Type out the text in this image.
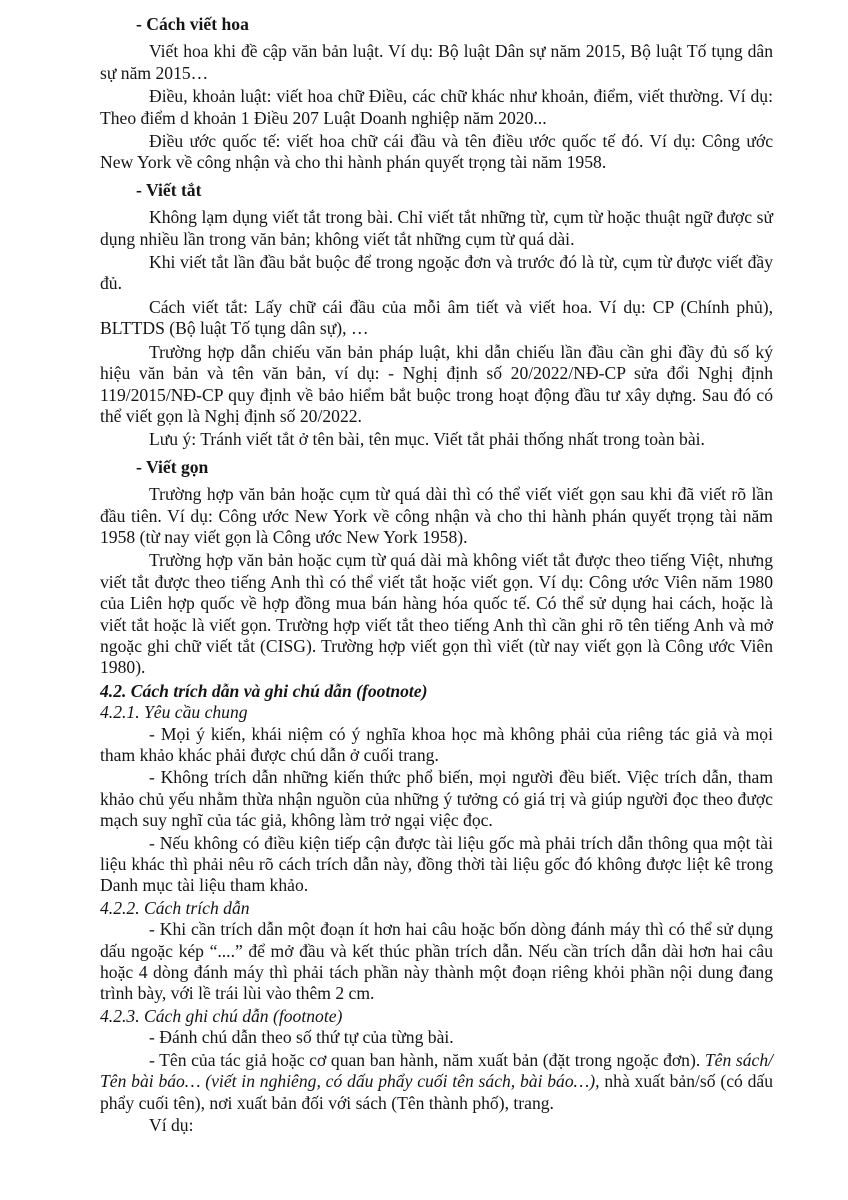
- Cách viết hoa

Viết hoa khi đề cập văn bản luật. Ví dụ: Bộ luật Dân sự năm 2015, Bộ luật Tố tụng dân sự năm 2015…

Điều, khoản luật: viết hoa chữ Điều, các chữ khác như khoản, điểm, viết thường. Ví dụ: Theo điểm d khoản 1 Điều 207 Luật Doanh nghiệp năm 2020...

Điều ước quốc tế: viết hoa chữ cái đầu và tên điều ước quốc tế đó. Ví dụ: Công ước New York về công nhận và cho thi hành phán quyết trọng tài năm 1958.

- Viết tắt

Không lạm dụng viết tắt trong bài. Chỉ viết tắt những từ, cụm từ hoặc thuật ngữ được sử dụng nhiều lần trong văn bản; không viết tắt những cụm từ quá dài.

Khi viết tắt lần đầu bắt buộc để trong ngoặc đơn và trước đó là từ, cụm từ được viết đầy đủ.

Cách viết tắt: Lấy chữ cái đầu của mỗi âm tiết và viết hoa. Ví dụ: CP (Chính phủ), BLTTDS (Bộ luật Tố tụng dân sự), …

Trường hợp dẫn chiếu văn bản pháp luật, khi dẫn chiếu lần đầu cần ghi đầy đủ số ký hiệu văn bản và tên văn bản, ví dụ: - Nghị định số 20/2022/NĐ-CP sửa đổi Nghị định 119/2015/NĐ-CP quy định về bảo hiểm bắt buộc trong hoạt động đầu tư xây dựng. Sau đó có thể viết gọn là Nghị định số 20/2022.

Lưu ý: Tránh viết tắt ở tên bài, tên mục. Viết tắt phải thống nhất trong toàn bài.

- Viết gọn

Trường hợp văn bản hoặc cụm từ quá dài thì có thể viết viết gọn sau khi đã viết rõ lần đầu tiên. Ví dụ: Công ước New York về công nhận và cho thi hành phán quyết trọng tài năm 1958 (từ nay viết gọn là Công ước New York 1958).

Trường hợp văn bản hoặc cụm từ quá dài mà không viết tắt được theo tiếng Việt, nhưng viết tắt được theo tiếng Anh thì có thể viết tắt hoặc viết gọn. Ví dụ: Công ước Viên năm 1980 của Liên hợp quốc về hợp đồng mua bán hàng hóa quốc tế. Có thể sử dụng hai cách, hoặc là viết tắt hoặc là viết gọn. Trường hợp viết tắt theo tiếng Anh thì cần ghi rõ tên tiếng Anh và mở ngoặc ghi chữ viết tắt (CISG). Trường hợp viết gọn thì viết (từ nay viết gọn là Công ước Viên 1980).

4.2. Cách trích dẫn và ghi chú dẫn (footnote)
4.2.1. Yêu cầu chung

- Mọi ý kiến, khái niệm có ý nghĩa khoa học mà không phải của riêng tác giả và mọi tham khảo khác phải được chú dẫn ở cuối trang.

- Không trích dẫn những kiến thức phổ biến, mọi người đều biết. Việc trích dẫn, tham khảo chủ yếu nhằm thừa nhận nguồn của những ý tưởng có giá trị và giúp người đọc theo được mạch suy nghĩ của tác giả, không làm trở ngại việc đọc.

- Nếu không có điều kiện tiếp cận được tài liệu gốc mà phải trích dẫn thông qua một tài liệu khác thì phải nêu rõ cách trích dẫn này, đồng thời tài liệu gốc đó không được liệt kê trong Danh mục tài liệu tham khảo.

4.2.2. Cách trích dẫn

- Khi cần trích dẫn một đoạn ít hơn hai câu hoặc bốn dòng đánh máy thì có thể sử dụng dấu ngoặc kép “....” để mở đầu và kết thúc phần trích dẫn. Nếu cần trích dẫn dài hơn hai câu hoặc 4 dòng đánh máy thì phải tách phần này thành một đoạn riêng khỏi phần nội dung đang trình bày, với lề trái lùi vào thêm 2 cm.

4.2.3. Cách ghi chú dẫn (footnote)

- Đánh chú dẫn theo số thứ tự của từng bài.

- Tên của tác giả hoặc cơ quan ban hành, năm xuất bản (đặt trong ngoặc đơn). Tên sách/ Tên bài báo… (viết in nghiêng, có dấu phẩy cuối tên sách, bài báo…), nhà xuất bản/số (có dấu phẩy cuối tên), nơi xuất bản đối với sách (Tên thành phố), trang.

Ví dụ:
